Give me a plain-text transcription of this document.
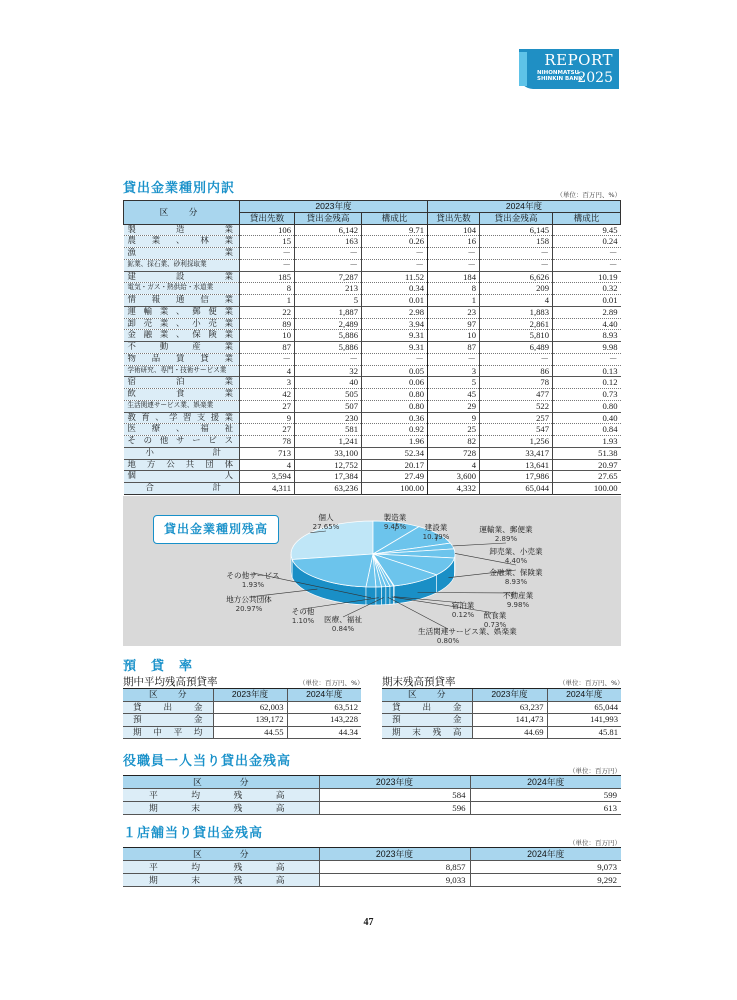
REPORT
NIHONMATSU
SHINKIN BANK
2025
貸出金業種別内訳	（単位：百万円、%）
区　分	2023年度			2024年度		
	貸出先数	貸出金残高	構成比	貸出先数	貸出金残高	構成比
製造業	106	6,142	9.71	104	6,145	9.45
農業、林業	15	163	0.26	16	158	0.24
漁業	－	－	－	－	－	－
鉱業、採石業、砂利採取業	－	－	－	－	－	－
建設業	185	7,287	11.52	184	6,626	10.19
電気・ガス・熱供給・水道業	8	213	0.34	8	209	0.32
情報通信業	1	5	0.01	1	4	0.01
運輸業、郵便業	22	1,887	2.98	23	1,883	2.89
卸売業、小売業	89	2,489	3.94	97	2,861	4.40
金融業、保険業	10	5,886	9.31	10	5,810	8.93
不動産業	87	5,886	9.31	87	6,489	9.98
物品賃貸業	－	－	－	－	－	－
学術研究、専門・技術サービス業	4	32	0.05	3	86	0.13
宿泊業	3	40	0.06	5	78	0.12
飲食業	42	505	0.80	45	477	0.73
生活関連サービス業、娯楽業	27	507	0.80	29	522	0.80
教育、学習支援業	9	230	0.36	9	257	0.40
医療、福祉	27	581	0.92	25	547	0.84
その他サービス	78	1,241	1.96	82	1,256	1.93
小計	713	33,100	52.34	728	33,417	51.38
地方公共団体	4	12,752	20.17	4	13,641	20.97
個人	3,594	17,384	27.49	3,600	17,986	27.65
合計	4,311	63,236	100.00	4,332	65,044	100.00
貸出金業種別残高
個人
27.65%
製造業
9.45%	建設業
10.19%
運輸業、郵便業
2.89%
卸売業、小売業
4.40%
金融業、保険業
8.93%
不動産業
9.98%
宿泊業
0.12%	飲食業
0.73%
生活関連サービス業、娯楽業
0.80%
医療、福祉
0.84%
その他
1.10%
その他サービス
1.93%
地方公共団体
20.97%
預　貸　率
期中平均残高預貸率	（単位：百万円、%）
区　分	2023年度	2024年度
貸出金	62,003	63,512
預金	139,172	143,228
期中平均	44.55	44.34
期末残高預貸率	（単位：百万円、%）
区　分	2023年度	2024年度
貸出金	63,237	65,044
預金	141,473	141,993
期末残高	44.69	45.81
役職員一人当り貸出金残高
（単位：百万円）
区　分	2023年度	2024年度
平均残高	584	599
期末残高	596	613
１店舗当り貸出金残高
（単位：百万円）
区　分	2023年度	2024年度
平均残高	8,857	9,073
期末残高	9,033	9,292
47
